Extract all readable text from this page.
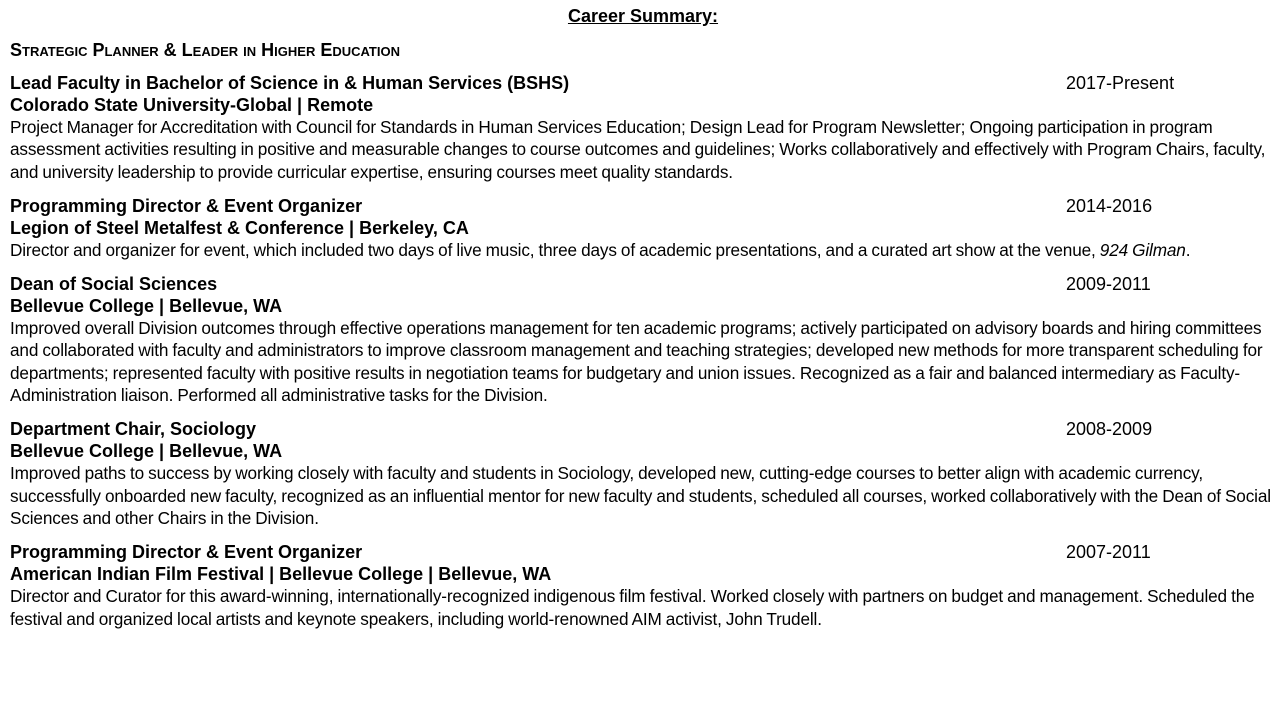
Career Summary:
Strategic Planner & Leader in Higher Education
Lead Faculty in Bachelor of Science in & Human Services (BSHS)	2017-Present
Colorado State University-Global | Remote

Project Manager for Accreditation with Council for Standards in Human Services Education; Design Lead for Program Newsletter; Ongoing participation in program assessment activities resulting in positive and measurable changes to course outcomes and guidelines; Works collaboratively and effectively with Program Chairs, faculty, and university leadership to provide curricular expertise, ensuring courses meet quality standards.

Programming Director & Event Organizer	2014-2016
Legion of Steel Metalfest & Conference | Berkeley, CA

Director and organizer for event, which included two days of live music, three days of academic presentations, and a curated art show at the venue, 924 Gilman.

Dean of Social Sciences	2009-2011
Bellevue College | Bellevue, WA

Improved overall Division outcomes through effective operations management for ten academic programs; actively participated on advisory boards and hiring committees and collaborated with faculty and administrators to improve classroom management and teaching strategies; developed new methods for more transparent scheduling for departments; represented faculty with positive results in negotiation teams for budgetary and union issues. Recognized as a fair and balanced intermediary as Faculty-Administration liaison. Performed all administrative tasks for the Division.

Department Chair, Sociology	2008-2009
Bellevue College | Bellevue, WA

Improved paths to success by working closely with faculty and students in Sociology, developed new, cutting-edge courses to better align with academic currency, successfully onboarded new faculty, recognized as an influential mentor for new faculty and students, scheduled all courses, worked collaboratively with the Dean of Social Sciences and other Chairs in the Division.

Programming Director & Event Organizer	2007-2011
American Indian Film Festival | Bellevue College | Bellevue, WA

Director and Curator for this award-winning, internationally-recognized indigenous film festival. Worked closely with partners on budget and management. Scheduled the festival and organized local artists and keynote speakers, including world-renowned AIM activist, John Trudell.
